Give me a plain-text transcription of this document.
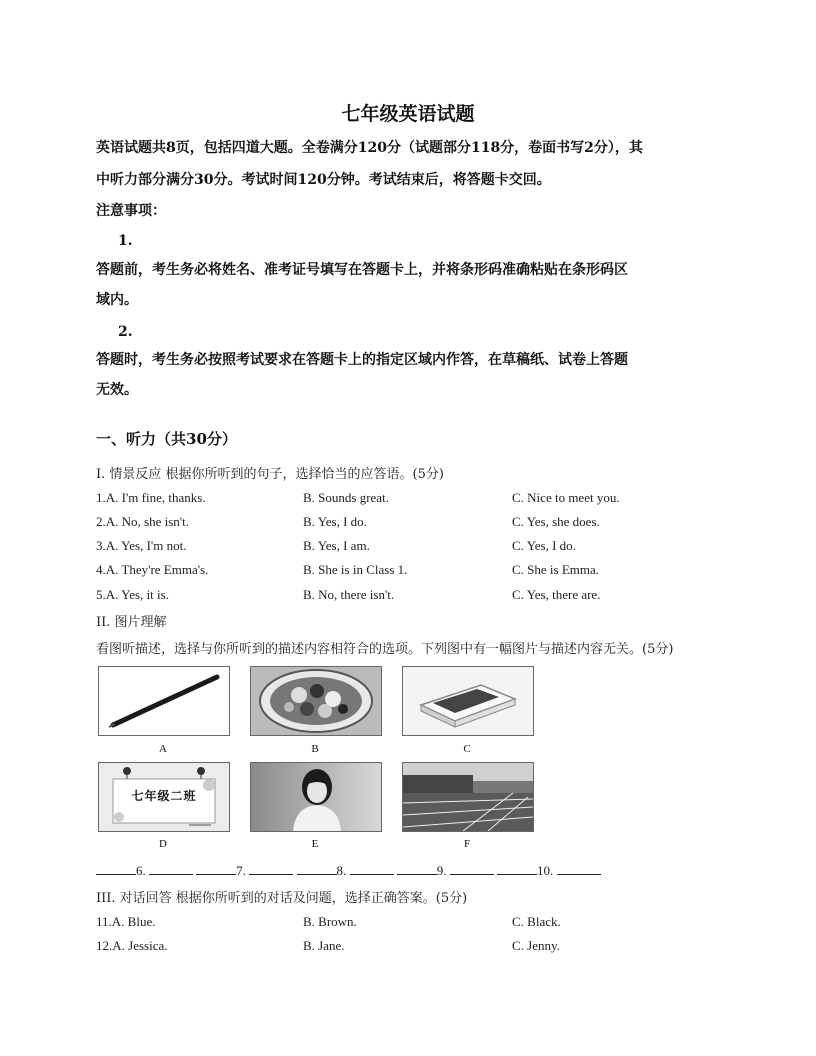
七年级英语试题
英语试题共8页，包括四道大题。全卷满分120分（试题部分118分，卷面书写2分），其
中听力部分满分30分。考试时间120分钟。考试结束后，将答题卡交回。
注意事项：
1.
答题前，考生务必将姓名、准考证号填写在答题卡上，并将条形码准确粘贴在条形码区
域内。
2.
答题时，考生务必按照考试要求在答题卡上的指定区域内作答，在草稿纸、试卷上答题
无效。
一、听力（共30分）
I. 情景反应 根据你所听到的句子，选择恰当的应答语。(5分)
1.A. I'm fine, thanks.	B. Sounds great.	C. Nice to meet you.
2.A. No, she isn't.	B. Yes, I do.	C. Yes, she does.
3.A. Yes, I'm not.	B. Yes, I am.	C. Yes, I do.
4.A. They're Emma's.	B. She is in Class 1.	C. She is Emma.
5.A. Yes, it is.	B. No, there isn't.	C. Yes, there are.
II. 图片理解
看图听描述，选择与你所听到的描述内容相符合的选项。下列图中有一幅图片与描述内容无关。(5分)
A	B	C
七年级二班
D	E	F
6.	7.	8.	9.	10.
III. 对话回答 根据你所听到的对话及问题，选择正确答案。(5分)
11.A. Blue.	B. Brown.	C. Black.
12.A. Jessica.	B. Jane.	C. Jenny.
